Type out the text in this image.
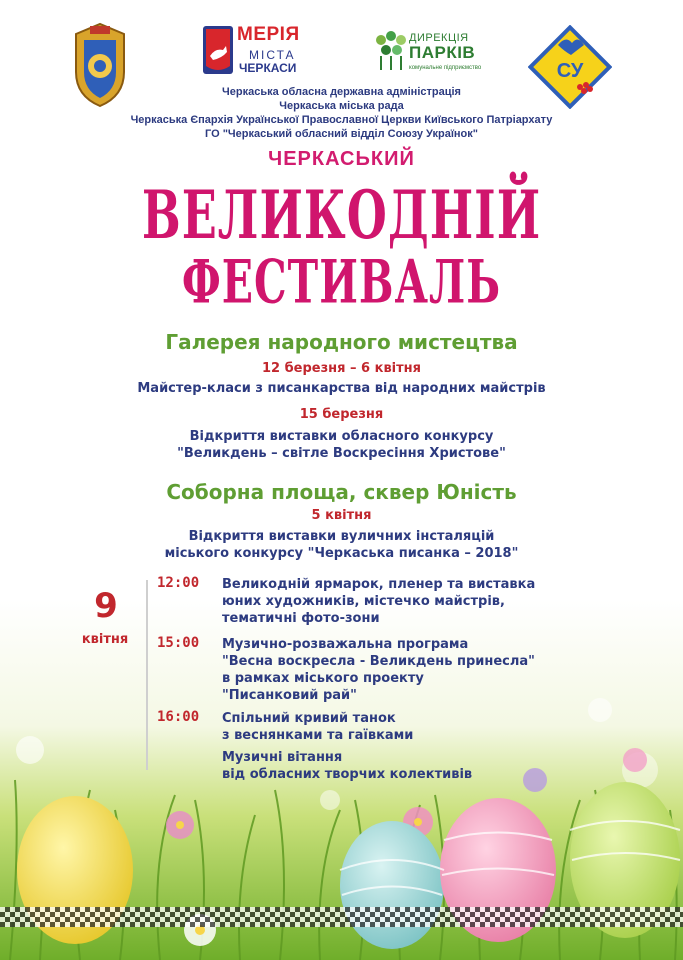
МЕРІЯ
МІСТА
ЧЕРКАСИ
ДИРЕКЦІЯ
ПАРКІВ
комунальне підприємство	СУ
Черкаська обласна державна адміністрація
Черкаська міська рада
Черкаська Єпархія Української Православної Церкви Київського Патріархату
ГО "Черкаський обласний відділ Союзу Українок"
ЧЕРКАСЬКИЙ
ВЕЛИКОДНІЙ
ФЕСТИВАЛЬ
Галерея народного мистецтва
12 березня – 6 квітня
Майстер-класи з писанкарства від народних майстрів
15 березня
Відкриття виставки обласного конкурсу
"Великдень – світле Воскресіння Христове"
Соборна площа, сквер Юність
5 квітня
Відкриття виставки вуличних інсталяцій
міського конкурсу "Черкаська писанка – 2018"
9
квітня
12:00	Великодній ярмарок, пленер та виставка
юних художників, містечко майстрів,
тематичні фото-зони
15:00	Музично-розважальна програма
"Весна воскресла - Великдень принесла"
в рамках міського проекту
"Писанковий рай"
16:00	Спільний кривий танок
з веснянками та гаївками
Музичні вітання
від обласних творчих колективів
